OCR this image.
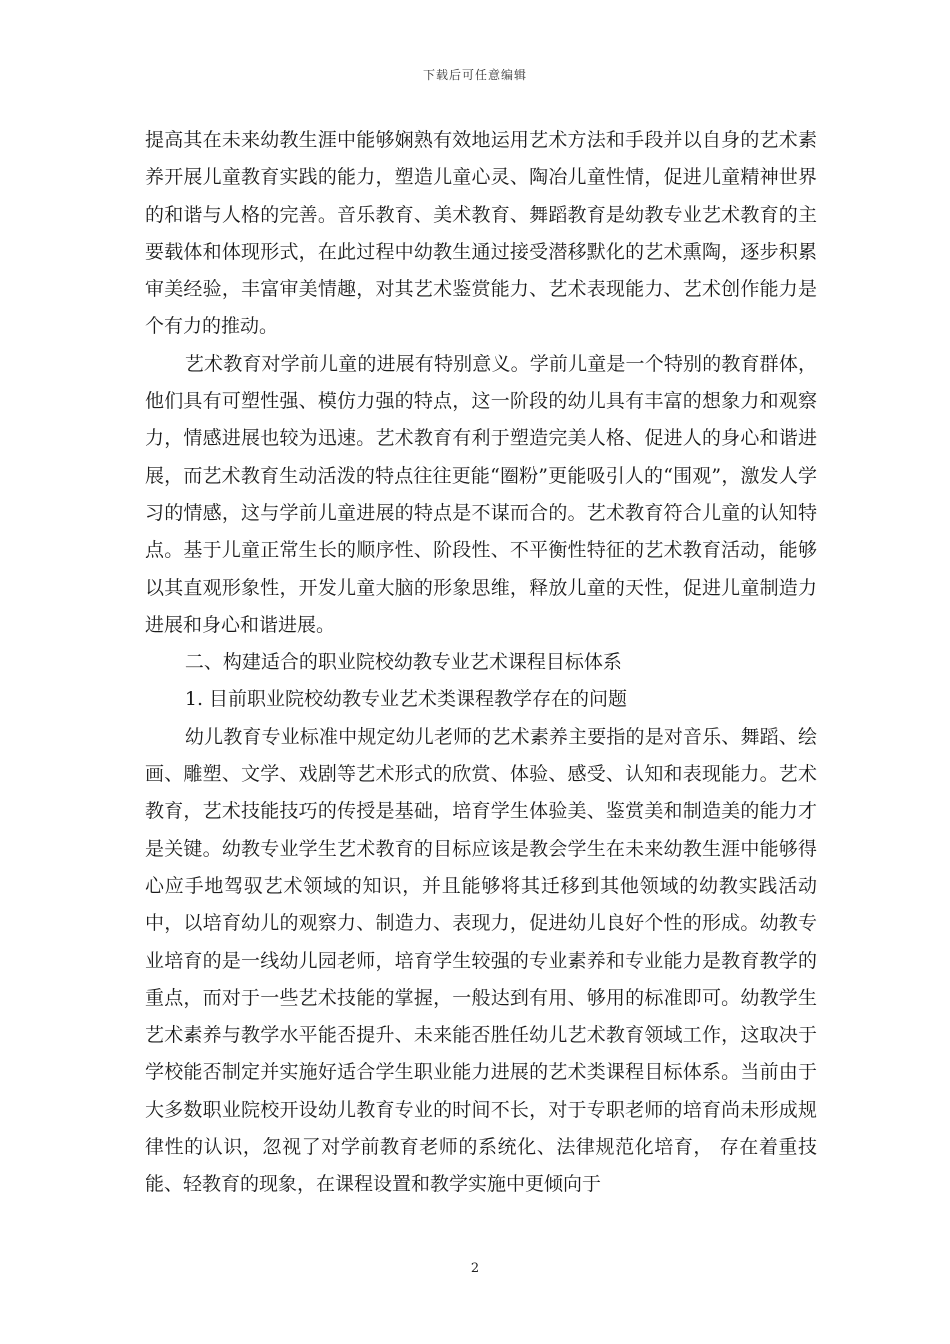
下载后可任意编辑

提高其在未来幼教生涯中能够娴熟有效地运用艺术方法和手段并以自身的艺术素养开展儿童教育实践的能力，塑造儿童心灵、陶冶儿童性情，促进儿童精神世界的和谐与人格的完善。音乐教育、美术教育、舞蹈教育是幼教专业艺术教育的主要载体和体现形式，在此过程中幼教生通过接受潜移默化的艺术熏陶，逐步积累审美经验，丰富审美情趣，对其艺术鉴赏能力、艺术表现能力、艺术创作能力是个有力的推动。

艺术教育对学前儿童的进展有特别意义。学前儿童是一个特别的教育群体，他们具有可塑性强、模仿力强的特点，这一阶段的幼儿具有丰富的想象力和观察力，情感进展也较为迅速。艺术教育有利于塑造完美人格、促进人的身心和谐进展，而艺术教育生动活泼的特点往往更能“圈粉”更能吸引人的“围观”，激发人学习的情感，这与学前儿童进展的特点是不谋而合的。艺术教育符合儿童的认知特点。基于儿童正常生长的顺序性、阶段性、不平衡性特征的艺术教育活动，能够以其直观形象性，开发儿童大脑的形象思维，释放儿童的天性，促进儿童制造力进展和身心和谐进展。

二、构建适合的职业院校幼教专业艺术课程目标体系

1. 目前职业院校幼教专业艺术类课程教学存在的问题

幼儿教育专业标准中规定幼儿老师的艺术素养主要指的是对音乐、舞蹈、绘画、雕塑、文学、戏剧等艺术形式的欣赏、体验、感受、认知和表现能力。艺术教育，艺术技能技巧的传授是基础，培育学生体验美、鉴赏美和制造美的能力才是关键。幼教专业学生艺术教育的目标应该是教会学生在未来幼教生涯中能够得心应手地驾驭艺术领域的知识，并且能够将其迁移到其他领域的幼教实践活动中，以培育幼儿的观察力、制造力、表现力，促进幼儿良好个性的形成。幼教专业培育的是一线幼儿园老师，培育学生较强的专业素养和专业能力是教育教学的重点，而对于一些艺术技能的掌握，一般达到有用、够用的标准即可。幼教学生艺术素养与教学水平能否提升、未来能否胜任幼儿艺术教育领域工作，这取决于学校能否制定并实施好适合学生职业能力进展的艺术类课程目标体系。当前由于大多数职业院校开设幼儿教育专业的时间不长，对于专职老师的培育尚未形成规律性的认识，忽视了对学前教育老师的系统化、法律规范化培育， 存在着重技能、轻教育的现象，在课程设置和教学实施中更倾向于

2
